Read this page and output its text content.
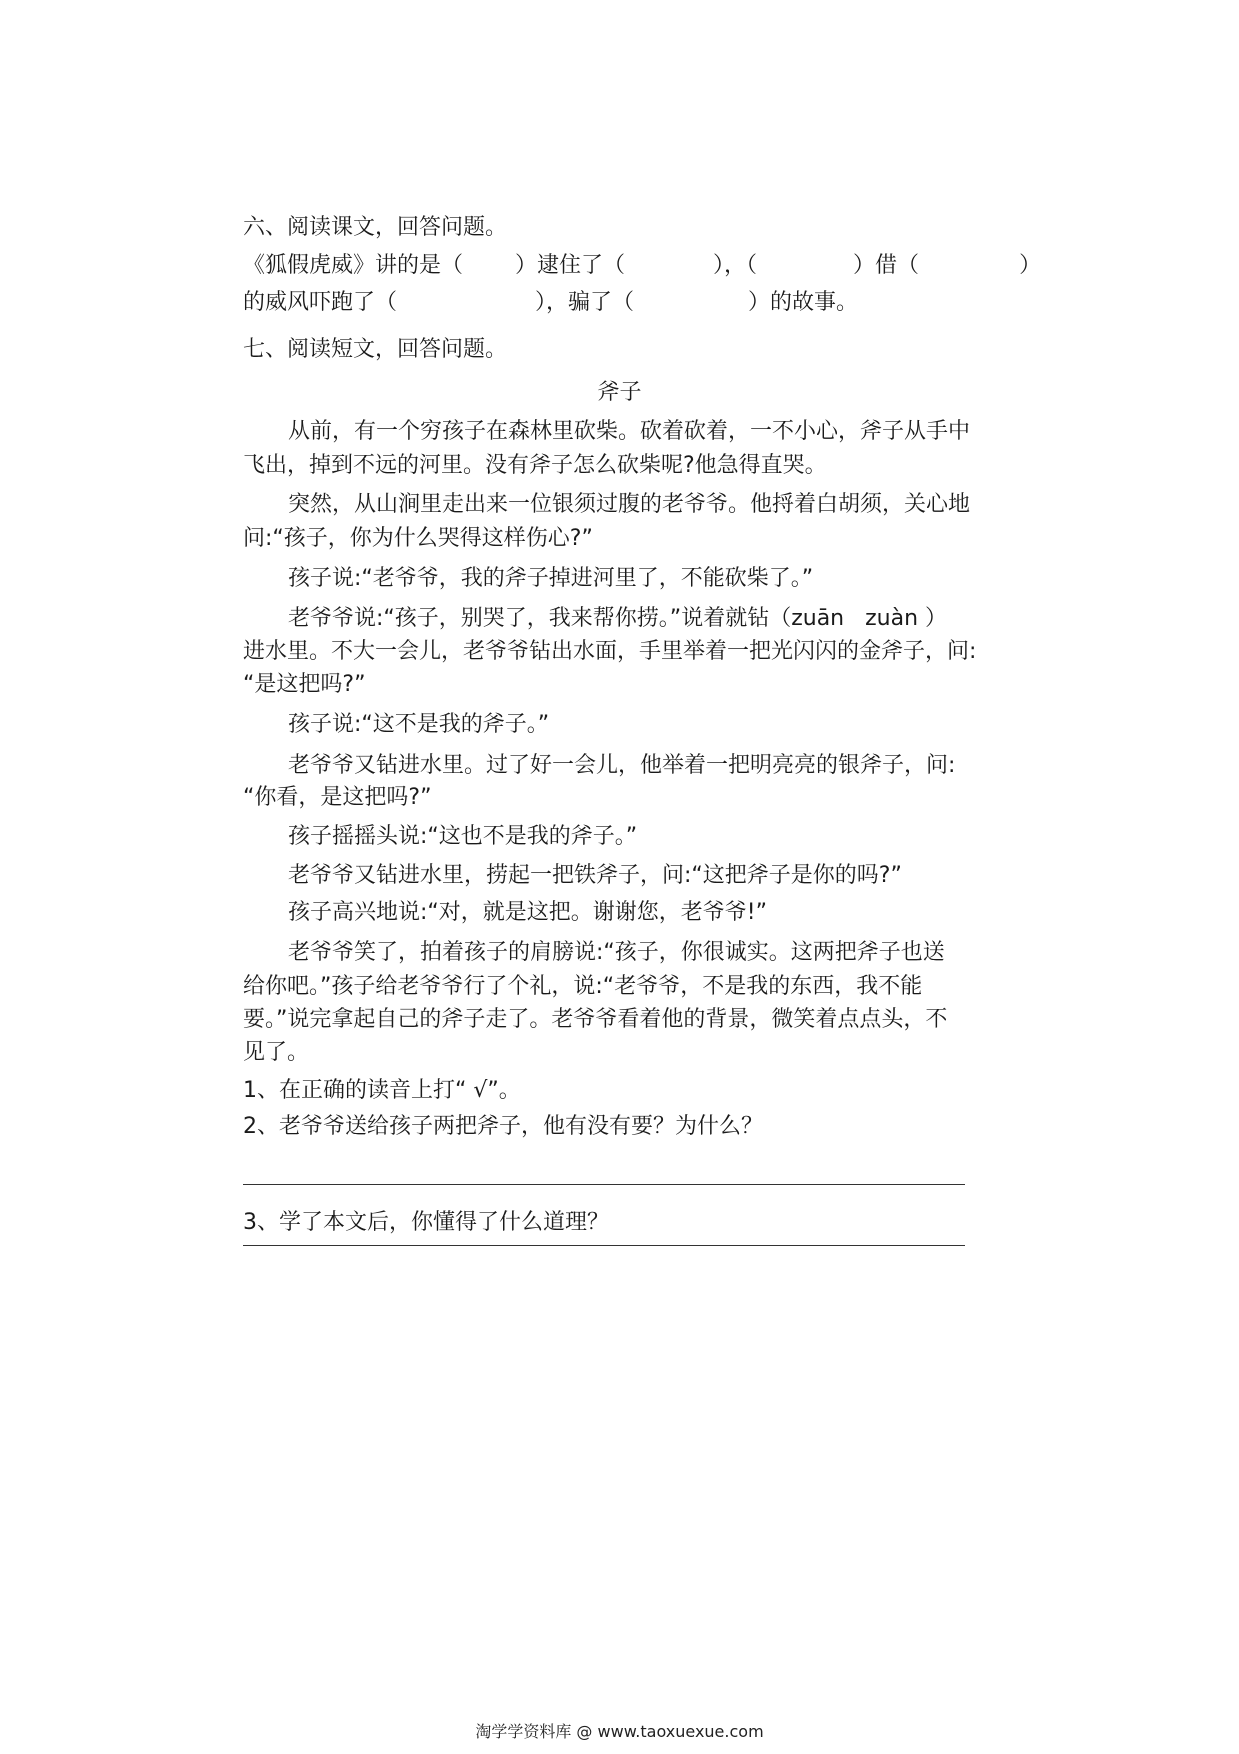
六、阅读课文，回答问题。
《狐假虎威》讲的是（ ）逮住了（	），（	）借（	）
的威风吓跑了（	），骗了（	）的故事。
七、阅读短文，回答问题。
斧子
从前，有一个穷孩子在森林里砍柴。砍着砍着，一不小心，斧子从手中
飞出，掉到不远的河里。没有斧子怎么砍柴呢?他急得直哭。
突然，从山涧里走出来一位银须过腹的老爷爷。他捋着白胡须，关心地
问:“孩子，你为什么哭得这样伤心?”
孩子说:“老爷爷，我的斧子掉进河里了，不能砍柴了。”
老爷爷说:“孩子，别哭了，我来帮你捞。”说着就钻（zuān   zuàn ）
进水里。不大一会儿，老爷爷钻出水面，手里举着一把光闪闪的金斧子，问:
“是这把吗?”
孩子说:“这不是我的斧子。”
老爷爷又钻进水里。过了好一会儿，他举着一把明亮亮的银斧子，问:
“你看，是这把吗?”
孩子摇摇头说:“这也不是我的斧子。”
老爷爷又钻进水里，捞起一把铁斧子，问:“这把斧子是你的吗?”
孩子高兴地说:“对，就是这把。谢谢您，老爷爷!”
老爷爷笑了，拍着孩子的肩膀说:“孩子，你很诚实。这两把斧子也送
给你吧。”孩子给老爷爷行了个礼，说:“老爷爷，不是我的东西，我不能
要。”说完拿起自己的斧子走了。老爷爷看着他的背景，微笑着点点头，不
见了。
1、在正确的读音上打“ √”。
2、老爷爷送给孩子两把斧子，他有没有要？为什么？
3、学了本文后，你懂得了什么道理？
淘学学资料库 @ www.taoxuexue.com
